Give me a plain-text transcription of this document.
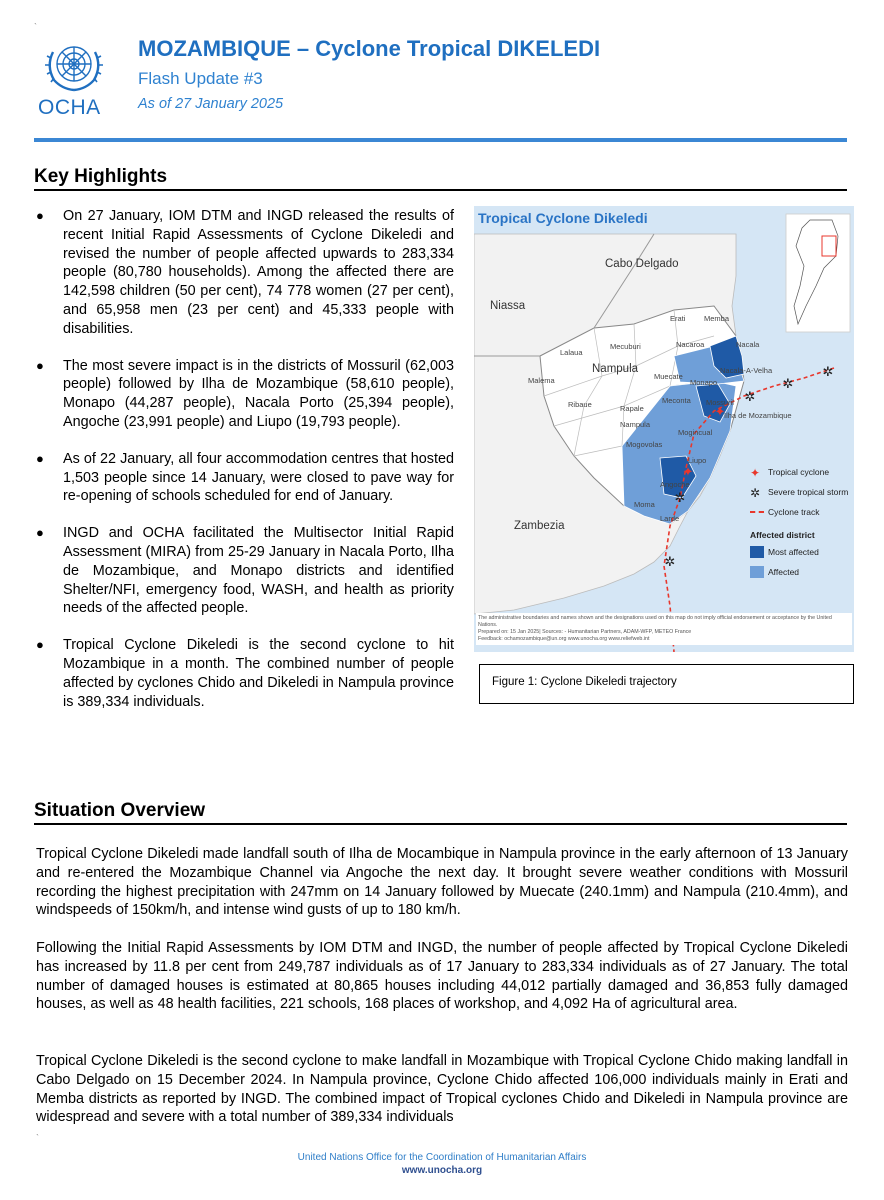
`
OCHA
MOZAMBIQUE – Cyclone Tropical DIKELEDI
Flash Update #3
As of 27 January 2025
Key Highlights
● On 27 January, IOM DTM and INGD released the results of recent Initial Rapid Assessments of Cyclone Dikeledi and revised the number of people affected upwards to 283,334 people (80,780 households). Among the affected there are 142,598 children (50 per cent), 74 778 women (27 per cent), and 65,958 men (23 per cent) and 45,333 people with disabilities.
● The most severe impact is in the districts of Mossuril (62,003 people) followed by Ilha de Mozambique (58,610 people), Monapo (44,287 people), Nacala Porto (25,394 people), Angoche (23,991 people) and Liupo (19,793 people).
● As of 22 January, all four accommodation centres that hosted 1,503 people since 14 January, were closed to pave way for re-opening of schools scheduled for end of January.
● INGD and OCHA facilitated the Multisector Initial Rapid Assessment (MIRA) from 25-29 January in Nacala Porto, Ilha de Mozambique, and Monapo districts and identified Shelter/NFI, emergency food, WASH, and health as priority needs of the affected people.
● Tropical Cyclone Dikeledi is the second cyclone to hit Mozambique in a month. The combined number of people affected by cyclones Chido and Dikeledi in Nampula province is 389,334 individuals.
✲
✲
✲
✲
✲
✦
✦
Tropical Cyclone Dikeledi
Cabo Delgado
Niassa
Nampula
Zambezia
Erati Memba
Lalaua
Mecuburi	Nacaroa	Nacala
Malema	Muecate
Nacala-A-Velha
Monapo
Ribaue	Rapale
Meconta Mossuril
Nampula
Ilha de Mozambique
Mogincual
Mogovolas
Liupo
Angoche
Moma
Larde
✦ Tropical cyclone
✲ Severe tropical storm
Cyclone track
Affected district
Most affected
Affected
The administrative boundaries and names shown and the designations used on this map do not imply official endorsement or acceptance by the United Nations.
Prepared on: 15 Jan 2025| Sources: - Humanitarian Partners, ADAM-WFP, METEO France
Feedback: ochamozambique@un.org www.unocha.org www.reliefweb.int
Figure 1: Cyclone Dikeledi trajectory
Situation Overview

Tropical Cyclone Dikeledi made landfall south of Ilha de Mocambique in Nampula province in the early afternoon of 13 January and re-entered the Mozambique Channel via Angoche the next day. It brought severe weather conditions with Mossuril recording the highest precipitation with 247mm on 14 January followed by Muecate (240.1mm) and Nampula (210.4mm), and windspeeds of 150km/h, and intense wind gusts of up to 180 km/h.

Following the Initial Rapid Assessments by IOM DTM and INGD, the number of people affected by Tropical Cyclone Dikeledi has increased by 11.8 per cent from 249,787 individuals as of 17 January to 283,334 individuals as of 27 January. The total number of damaged houses is estimated at 80,865 houses including 44,012 partially damaged and 36,853 fully damaged houses, as well as 48 health facilities, 221 schools, 168 places of workshop, and 4,092 Ha of agricultural area.

Tropical Cyclone Dikeledi is the second cyclone to make landfall in Mozambique with Tropical Cyclone Chido making landfall in Cabo Delgado on 15 December 2024. In Nampula province, Cyclone Chido affected 106,000 individuals mainly in Erati and Memba districts as reported by INGD. The combined impact of Tropical cyclones Chido and Dikeledi in Nampula province are widespread and severe with a total number of 389,334 individuals

`
United Nations Office for the Coordination of Humanitarian Affairs
www.unocha.org
